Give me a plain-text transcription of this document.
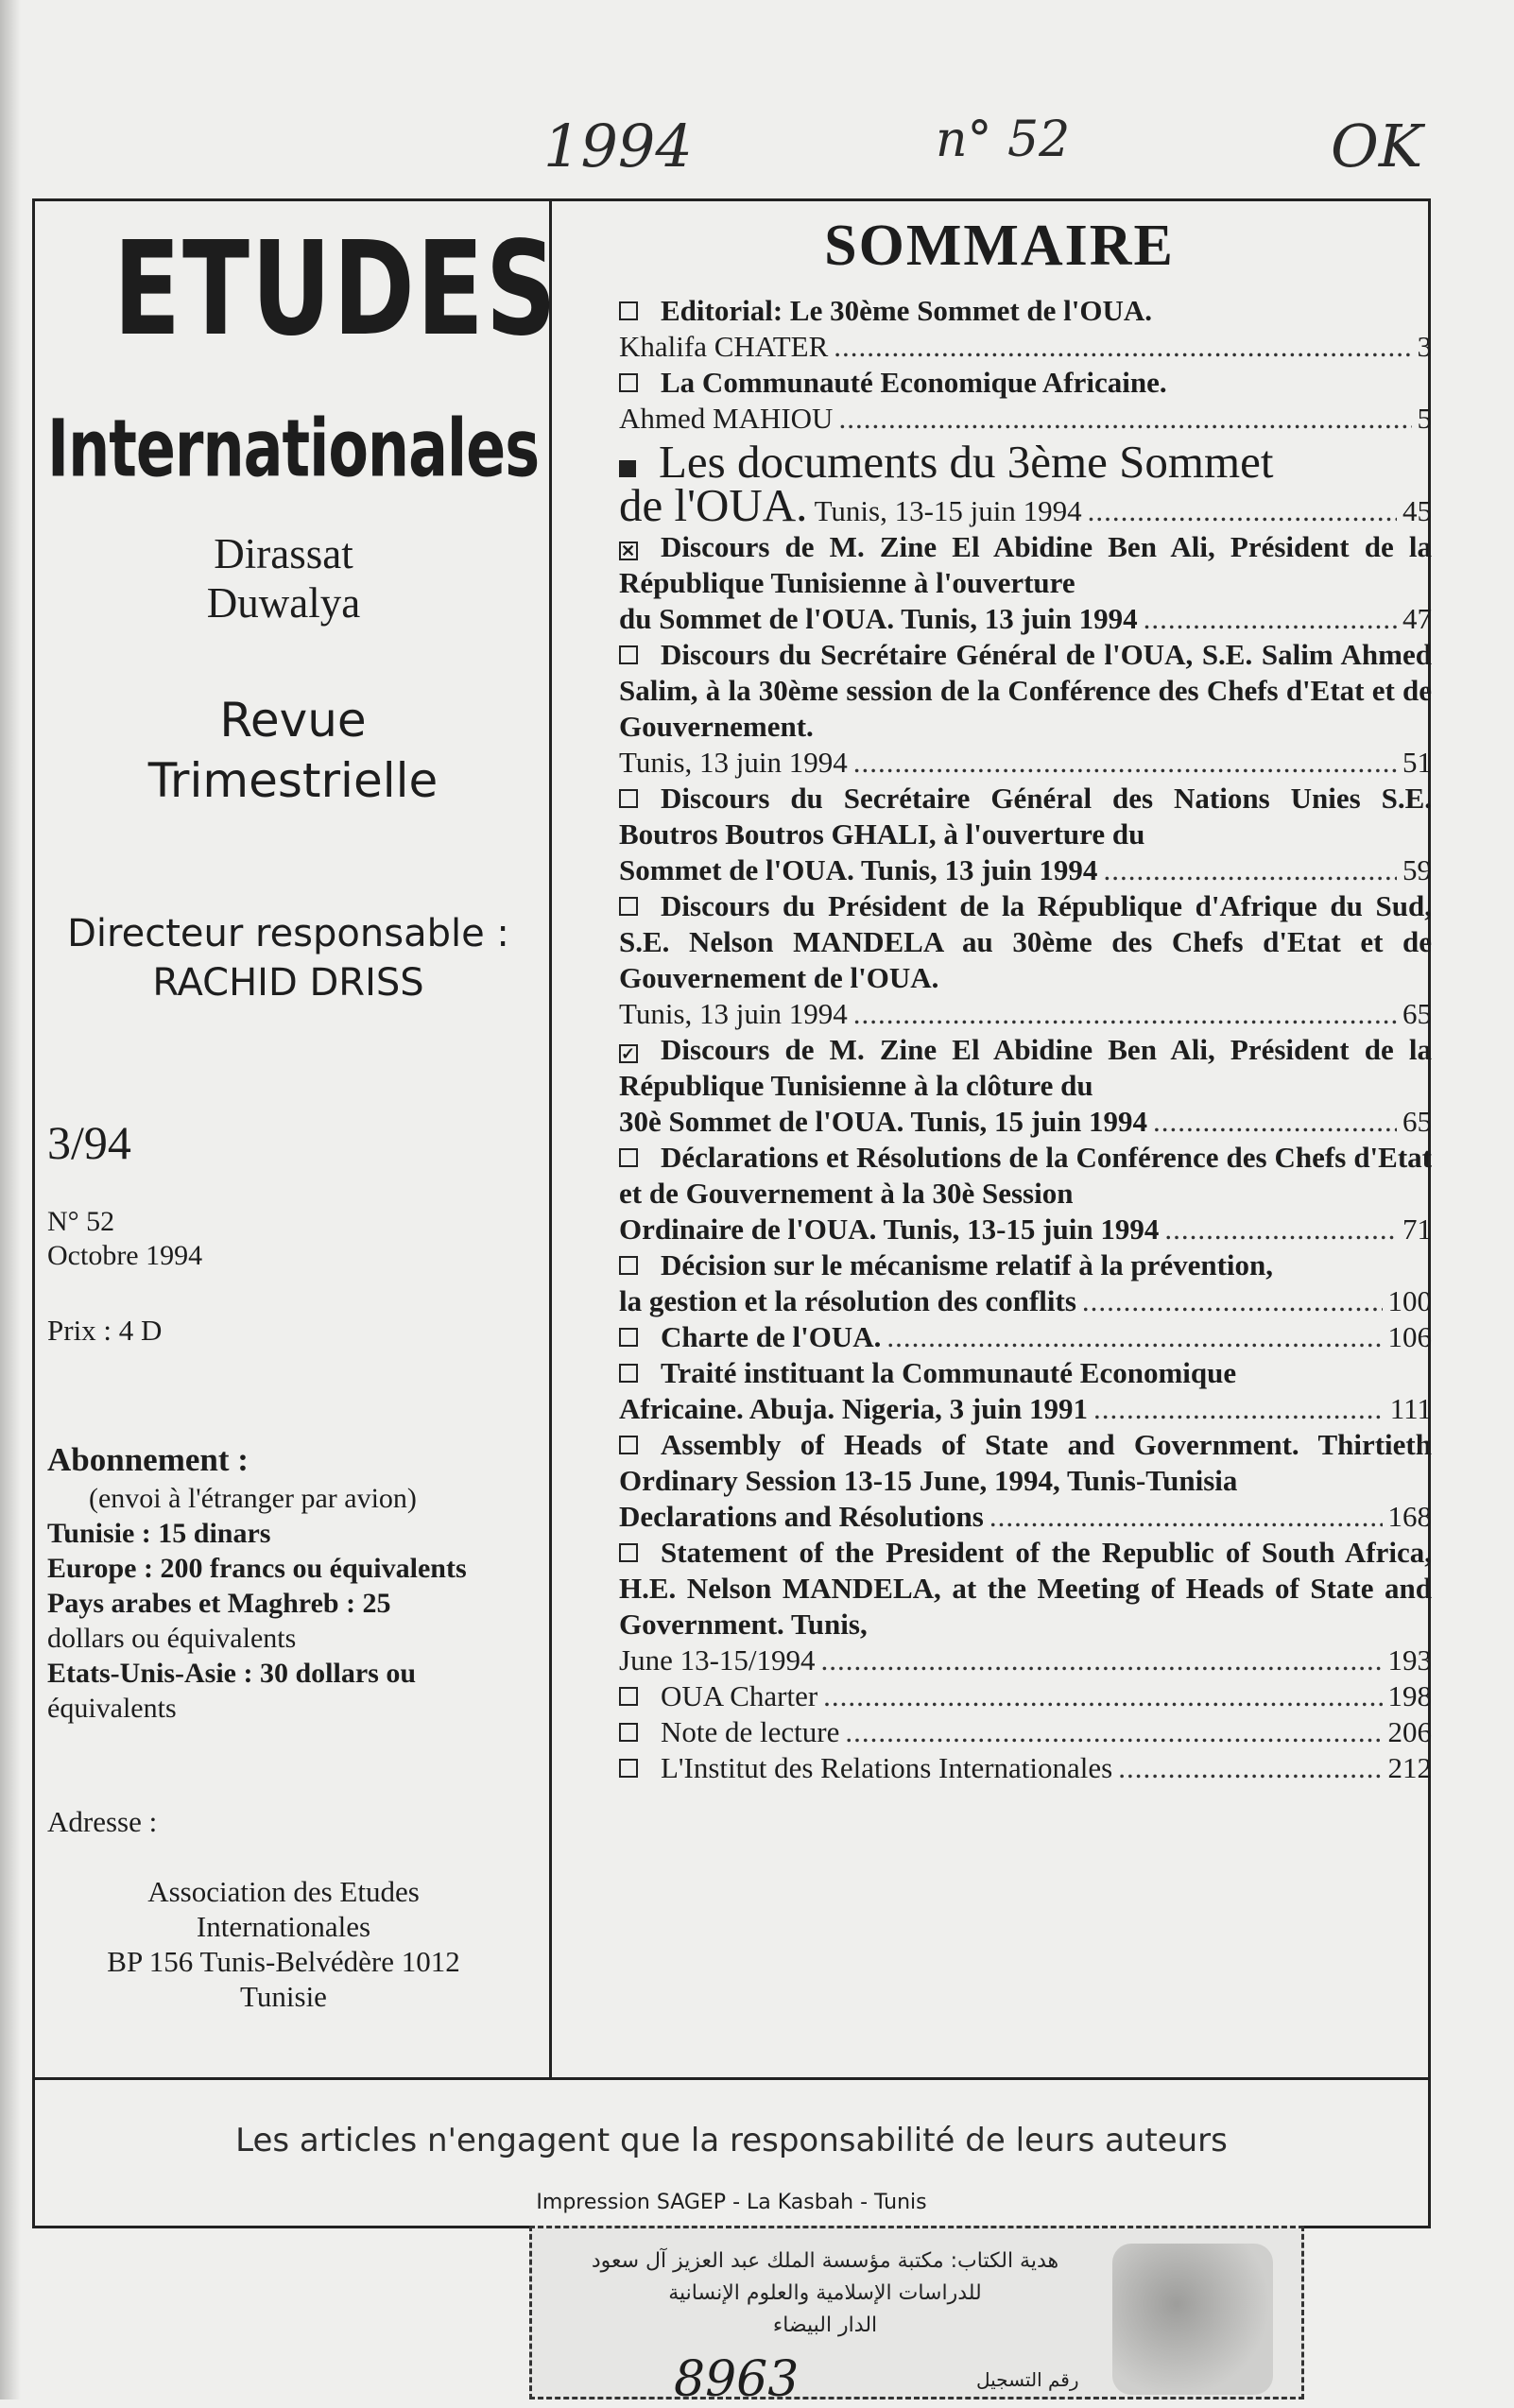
1994	n° 52	OK
ETUDES
Internationales
Dirassat
Duwalya
Revue
Trimestrielle
Directeur responsable :
RACHID DRISS
3/94
N° 52
Octobre 1994
Prix : 4 D
Abonnement :
(envoi à l'étranger par avion)
Tunisie : 15 dinars
Europe : 200 francs ou équivalents
Pays arabes et Maghreb : 25
dollars ou équivalents
Etats-Unis-Asie : 30 dollars ou
équivalents
Adresse :
Association des Etudes
Internationales
BP 156 Tunis-Belvédère 1012
Tunisie
SOMMAIRE
Editorial: Le 30ème Sommet de l'OUA.
Khalifa CHATER .....	3
La Communauté Economique Africaine.
Ahmed MAHIOU .....	5
Les documents du 3ème Sommet
de l'OUA. Tunis, 13-15 juin 1994 .....	45
✕ Discours de M. Zine El Abidine Ben Ali, Président de la République Tunisienne à l'ouverture
du Sommet de l'OUA. Tunis, 13 juin 1994 .....	47
Discours du Secrétaire Général de l'OUA, S.E. Salim Ahmed Salim, à la 30ème session de la Conférence des Chefs d'Etat et de Gouvernement.
Tunis, 13 juin 1994 .....	51
Discours du Secrétaire Général des Nations Unies S.E. Boutros Boutros GHALI, à l'ouverture du
Sommet de l'OUA. Tunis, 13 juin 1994 .....	59
Discours du Président de la République d'Afrique du Sud, S.E. Nelson MANDELA au 30ème des Chefs d'Etat et de Gouvernement de l'OUA.
Tunis, 13 juin 1994 .....	65
✓ Discours de M. Zine El Abidine Ben Ali, Président de la République Tunisienne à la clôture du
30è Sommet de l'OUA. Tunis, 15 juin 1994 .....	65
Déclarations et Résolutions de la Conférence des Chefs d'Etat et de Gouvernement à la 30è Session
Ordinaire de l'OUA. Tunis, 13-15 juin 1994 .....	71
Décision sur le mécanisme relatif à la prévention,
la gestion et la résolution des conflits .....	100
Charte de l'OUA. .....	106
Traité instituant la Communauté Economique
Africaine. Abuja. Nigeria, 3 juin 1991 .....	111
Assembly of Heads of State and Government. Thirtieth Ordinary Session 13-15 June, 1994, Tunis-Tunisia
Declarations and Résolutions .....	168
Statement of the President of the Republic of South Africa, H.E. Nelson MANDELA, at the Meeting of Heads of State and Government. Tunis,
June 13-15/1994 .....	193
OUA Charter .....	198
Note de lecture .....	206
L'Institut des Relations Internationales .....	212
Les articles n'engagent que la responsabilité de leurs auteurs
Impression SAGEP - La Kasbah - Tunis
هدية الكتاب: مكتبة مؤسسة الملك عبد العزيز آل سعود
للدراسات الإسلامية والعلوم الإنسانية
الدار البيضاء
8963	رقم التسجيل
